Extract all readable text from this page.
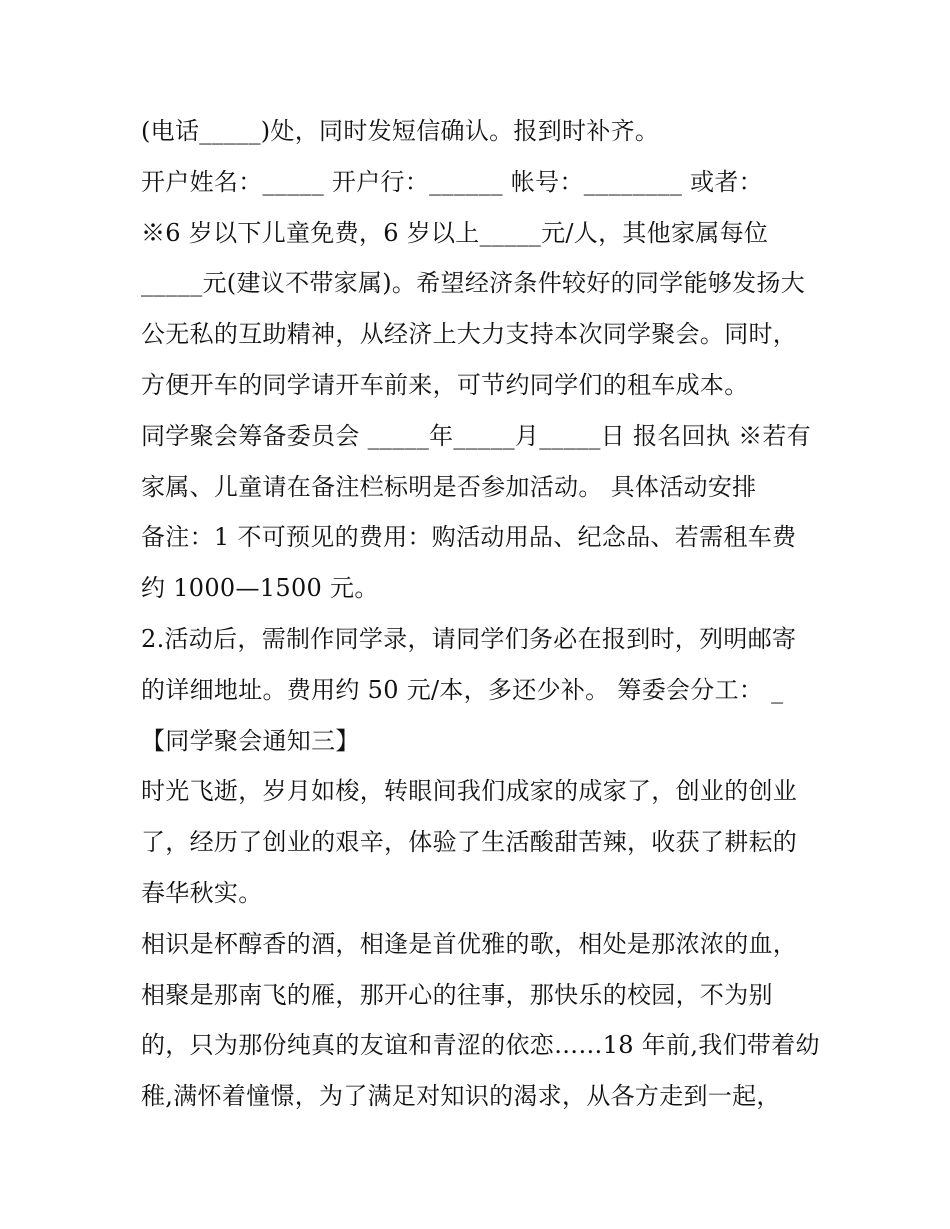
(电话_____)处，同时发短信确认。报到时补齐。
开户姓名：_____ 开户行：______ 帐号：________ 或者：
※6 岁以下儿童免费，6 岁以上_____元/人，其他家属每位
_____元(建议不带家属)。希望经济条件较好的同学能够发扬大
公无私的互助精神，从经济上大力支持本次同学聚会。同时，
方便开车的同学请开车前来，可节约同学们的租车成本。
同学聚会筹备委员会 _____年_____月_____日 报名回执 ※若有
家属、儿童请在备注栏标明是否参加活动。 具体活动安排
备注：1 不可预见的费用：购活动用品、纪念品、若需租车费
约 1000—1500 元。
2.活动后，需制作同学录，请同学们务必在报到时，列明邮寄
的详细地址。费用约 50 元/本，多还少补。 筹委会分工： _
【同学聚会通知三】
时光飞逝，岁月如梭，转眼间我们成家的成家了，创业的创业
了，经历了创业的艰辛，体验了生活酸甜苦辣，收获了耕耘的
春华秋实。
相识是杯醇香的酒，相逢是首优雅的歌，相处是那浓浓的血，
相聚是那南飞的雁，那开心的往事，那快乐的校园，不为别
的，只为那份纯真的友谊和青涩的依恋……18 年前,我们带着幼
稚,满怀着憧憬，为了满足对知识的渴求，从各方走到一起，
